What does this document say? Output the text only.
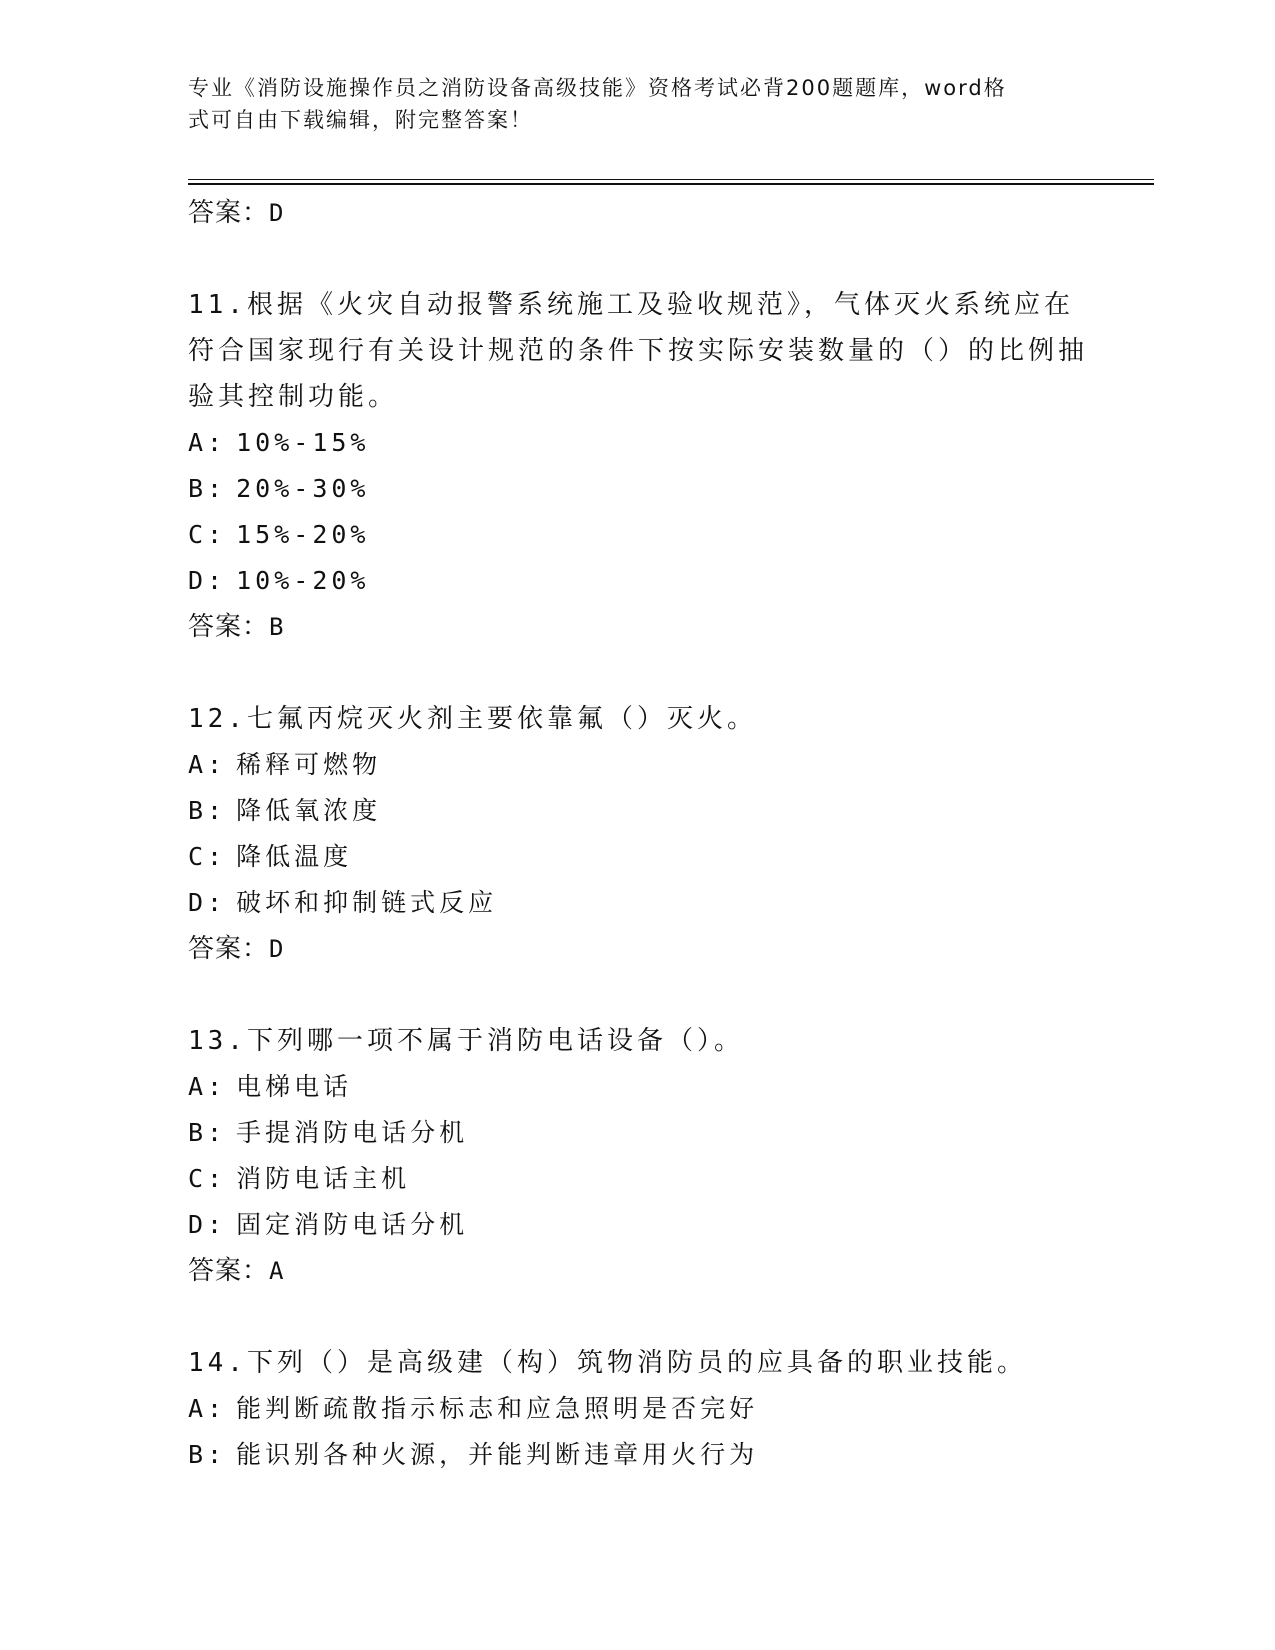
专业《消防设施操作员之消防设备高级技能》资格考试必背200题题库，word格
式可自由下载编辑，附完整答案！
答案：D

11.根据《火灾自动报警系统施工及验收规范》，气体灭火系统应在符合国家现行有关设计规范的条件下按实际安装数量的（）的比例抽验其控制功能。

A: 10%-15%
B: 20%-30%
C: 15%-20%
D: 10%-20%
答案：B

12.七氟丙烷灭火剂主要依靠氟（）灭火。

A: 稀释可燃物
B: 降低氧浓度
C: 降低温度
D: 破坏和抑制链式反应
答案：D

13.下列哪一项不属于消防电话设备（）。

A: 电梯电话
B: 手提消防电话分机
C: 消防电话主机
D: 固定消防电话分机
答案：A

14.下列（）是高级建（构）筑物消防员的应具备的职业技能。

A: 能判断疏散指示标志和应急照明是否完好
B: 能识别各种火源，并能判断违章用火行为
